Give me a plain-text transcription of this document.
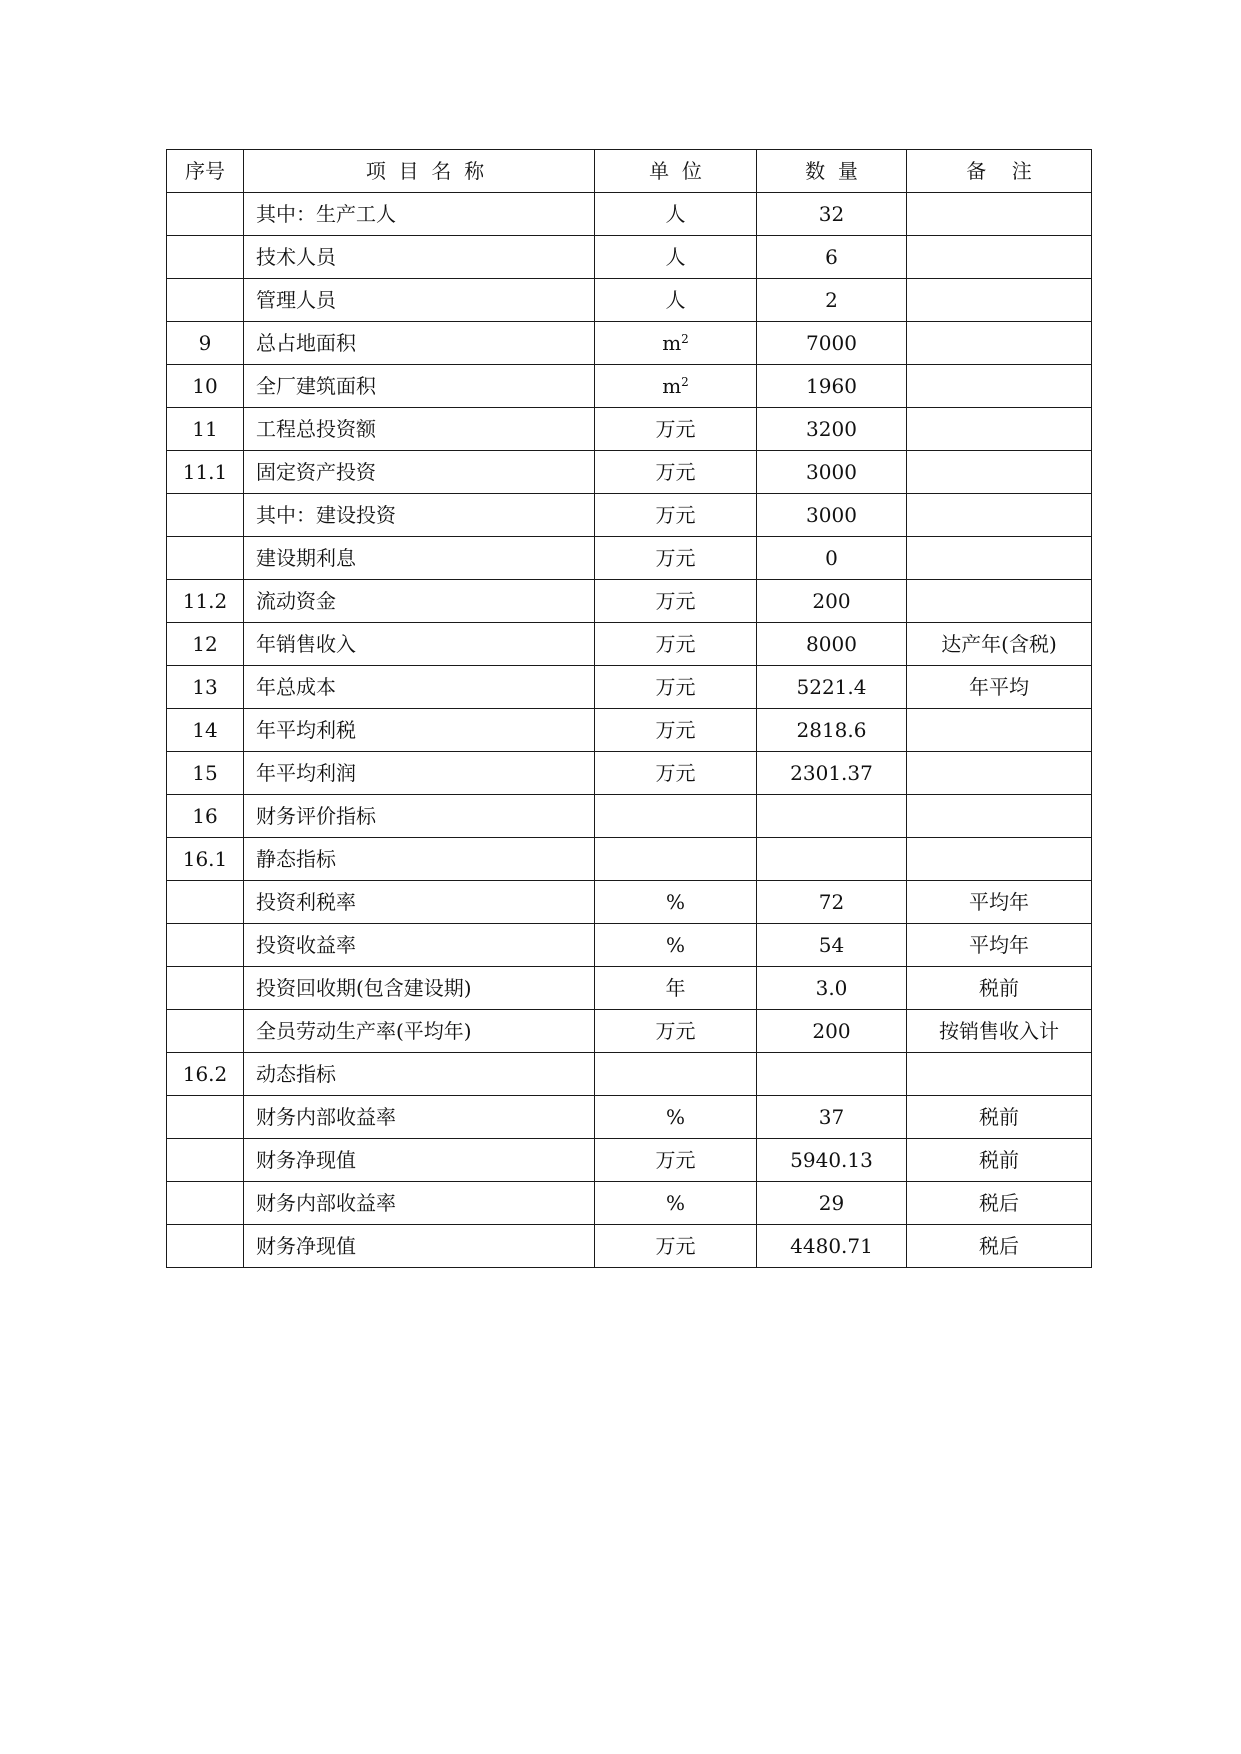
序号	项  目  名  称	单  位	数  量	备    注
	其中：生产工人	人	32	
	技术人员	人	6	
	管理人员	人	2	
9	总占地面积	$m^2$	7000	
10	全厂建筑面积	$m^2$	1960	
11	工程总投资额	万元	3200	
11.1	固定资产投资	万元	3000	
	其中：建设投资	万元	3000	
	建设期利息	万元	0	
11.2	流动资金	万元	200	
12	年销售收入	万元	8000	达产年(含税)
13	年总成本	万元	5221.4	年平均
14	年平均利税	万元	2818.6	
15	年平均利润	万元	2301.37	
16	财务评价指标			
16.1	静态指标			
	投资利税率	%	72	平均年
	投资收益率	%	54	平均年
	投资回收期(包含建设期)	年	3.0	税前
	全员劳动生产率(平均年)	万元	200	按销售收入计
16.2	动态指标			
	财务内部收益率	%	37	税前
	财务净现值	万元	5940.13	税前
	财务内部收益率	%	29	税后
	财务净现值	万元	4480.71	税后
